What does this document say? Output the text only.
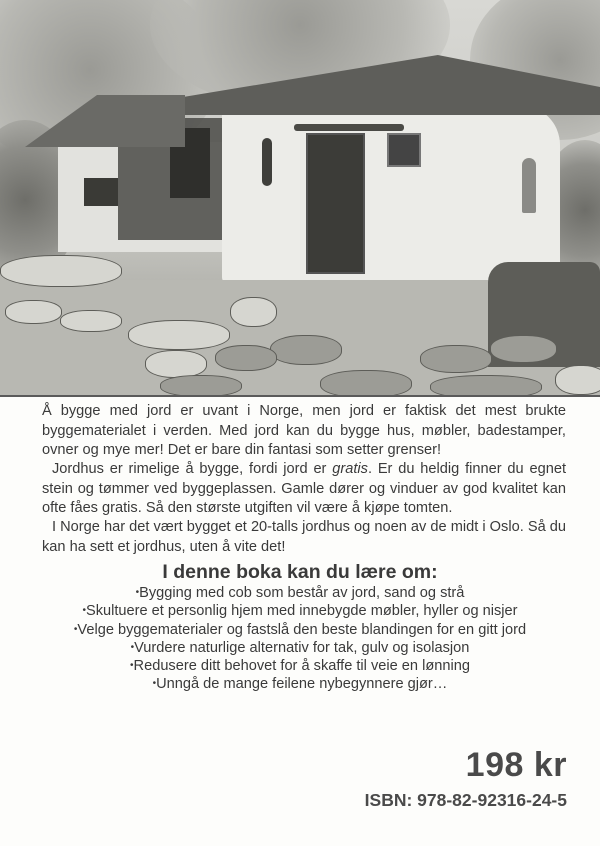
Å bygge med jord er uvant i Norge, men jord er faktisk det mest brukte byggematerialet i verden. Med jord kan du bygge hus, møbler, badestamper, ovner og mye mer! Det er bare din fantasi som setter grenser!
Jordhus er rimelige å bygge, fordi jord er gratis. Er du heldig finner du egnet stein og tømmer ved byggeplassen. Gamle dører og vinduer av god kvalitet kan ofte fåes gratis. Så den største utgiften vil være å kjøpe tomten.
I Norge har det vært bygget et 20-talls jordhus og noen av de midt i Oslo. Så du kan ha sett et jordhus, uten å vite det!
I denne boka kan du lære om:
• Bygging med cob som består av jord, sand og strå
• Skultuere et personlig hjem med innebygde møbler, hyller og nisjer
• Velge byggematerialer og fastslå den beste blandingen for en gitt jord
• Vurdere naturlige alternativ for tak, gulv og isolasjon
• Redusere ditt behovet for å skaffe til veie en lønning
• Unngå de mange feilene nybegynnere gjør…
198 kr
ISBN: 978-82-92316-24-5
